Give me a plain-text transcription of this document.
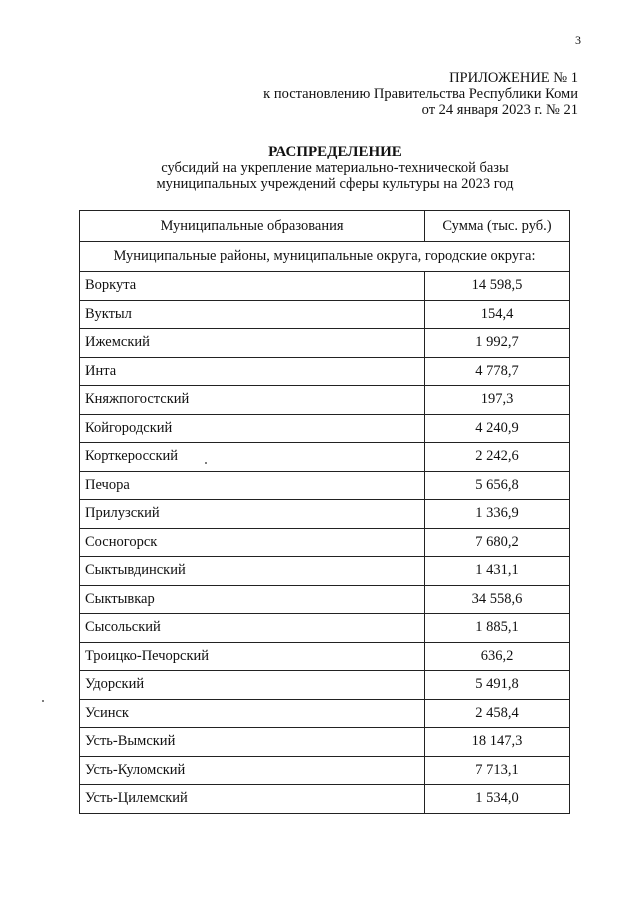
3
ПРИЛОЖЕНИЕ № 1
к постановлению Правительства Республики Коми
от 24 января 2023 г. № 21
РАСПРЕДЕЛЕНИЕ
субсидий на укрепление материально-технической базы
муниципальных учреждений сферы культуры на 2023 год
Муниципальные образования	Сумма (тыс. руб.)
Муниципальные районы, муниципальные округа, городские округа:	
Воркута	14 598,5
Вуктыл	154,4
Ижемский	1 992,7
Инта	4 778,7
Княжпогостский	197,3
Койгородский	4 240,9
Корткеросский	2 242,6
Печора	5 656,8
Прилузский	1 336,9
Сосногорск	7 680,2
Сыктывдинский	1 431,1
Сыктывкар	34 558,6
Сысольский	1 885,1
Троицко-Печорский	636,2
Удорский	5 491,8
Усинск	2 458,4
Усть-Вымский	18 147,3
Усть-Куломский	7 713,1
Усть-Цилемский	1 534,0
